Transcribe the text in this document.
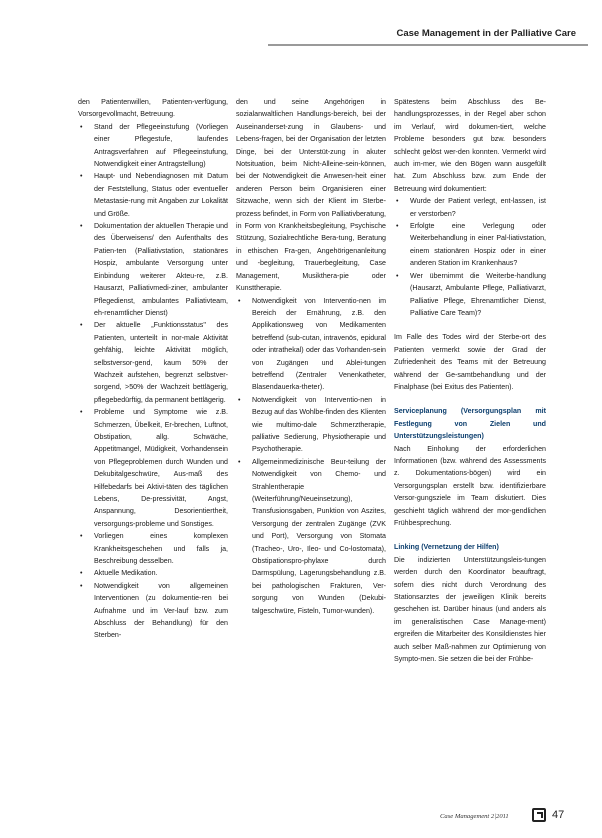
Case Management in der Palliative Care

den Patientenwillen, Patienten-verfügung, Vorsorgevollmacht, Betreuung.

• Stand der Pflegeeinstufung (Vorliegen einer Pflegestufe, laufendes Antragsverfahren auf Pflegeeinstufung, Notwendigkeit einer Antragstellung)
• Haupt- und Nebendiagnosen mit Datum der Feststellung, Status oder eventueller Metastasie-rung mit Angaben zur Lokalität und Größe.
• Dokumentation der aktuellen Therapie und des Überweisens/ den Aufenthalts des Patien-ten (Palliativstation, stationäres Hospiz, ambulante Versorgung unter Einbindung weiterer Akteu-re, z.B. Hausarzt, Palliativmedi-ziner, ambulanter Pflegedienst, ambulantes Palliativteam, eh-renamtlicher Dienst)
• Der aktuelle „Funktionsstatus" des Patienten, unterteilt in nor-male Aktivität gehfähig, leichte Aktivität möglich, selbstversor-gend, kaum 50% der Wachzeit aufstehen, begrenzt selbstver-sorgend, >50% der Wachzeit bettlägerig, pflegebedürftig, da permanent bettlägerig.
• Probleme und Symptome wie z.B. Schmerzen, Übelkeit, Er-brechen, Luftnot, Obstipation, allg. Schwäche, Appetitmangel, Müdigkeit, Vorhandensein von Pflegeproblemen durch Wunden und Dekubitalgeschwüre, Aus-maß des Hilfebedarfs bei Aktivi-täten des täglichen Lebens, De-pressivität, Angst, Anspannung, Desorientiertheit, versorgungs-probleme und Sonstiges.
• Vorliegen eines komplexen Krankheitsgeschehen und falls ja, Beschreibung desselben.
• Aktuelle Medikation.
• Notwendigkeit von allgemeinen Interventionen (zu dokumentie-ren bei Aufnahme und im Ver-lauf bzw. zum Abschluss der Behandlung) für den Sterben-

den und seine Angehörigen in sozialanwaltlichen Handlungs-bereich, bei der Auseinanderset-zung in Glaubens- und Lebens-fragen, bei der Organisation der letzten Dinge, bei der Unterstüt-zung in akuter Notsituation, beim Nicht-Alleine-sein-können, bei der Notwendigkeit die Anwesen-heit einer anderen Person beim Organisieren einer Sitzwache, wenn sich der Klient im Sterbe-prozess befindet, in Form von Palliativberatung, in Form von Krankheitsbegleitung, Psychische Stützung, Sozialrechtliche Bera-tung, Beratung in ethischen Fra-gen, Angehörigenanleitung und -begleitung, Trauerbegleitung, Case Management, Musikthera-pie oder Kunsttherapie.

• Notwendigkeit von Interventio-nen im Bereich der Ernährung, z.B. den Applikationsweg von Medikamenten betreffend (sub-cutan, intravenös, epidural oder intrathekal) oder das Vorhanden-sein von Zugängen und Ablei-tungen betreffend (Zentraler Venenkatheter, Blasendauerka-theter).
• Notwendigkeit von Interventio-nen in Bezug auf das Wohlbe-finden des Klienten wie multimo-dale Schmerztherapie, palliative Sedierung, Physiotherapie und Psychotherapie.
• Allgemeinmedizinische Beur-teilung der Notwendigkeit von Chemo- und Strahlentherapie (Weiterführung/Neueinsetzung), Transfusionsgaben, Punktion von Aszites, Versorgung der zentralen Zugänge (ZVK und Port), Versorgung von Stomata (Tracheo-, Uro-, Ileo- und Co-lostomata), Obstipationspro-phylaxe durch Darmspülung, Lagerungsbehandlung z.B. bei pathologischen Frakturen, Ver-sorgung von Wunden (Dekubi-talgeschwüre, Fisteln, Tumor-wunden).

Spätestens beim Abschluss des Be-handlungsprozesses, in der Regel aber schon im Verlauf, wird dokumen-tiert, welche Probleme besonders gut bzw. besonders schlecht gelöst wer-den konnten. Vermerkt wird auch im-mer, wie den Bögen wann ausgefüllt hat. Zum Abschluss bzw. zum Ende der Betreuung wird dokumentiert:

• Wurde der Patient verlegt, ent-lassen, ist er verstorben?
• Erfolgte eine Verlegung oder Weiterbehandlung in einer Pal-liativstation, einem stationären Hospiz oder in einer anderen Station im Krankenhaus?
• Wer übernimmt die Weiterbe-handlung (Hausarzt, Ambulante Pflege, Palliativarzt, Palliative Pflege, Ehrenamtlicher Dienst, Palliative Care Team)?

Im Falle des Todes wird der Sterbe-ort des Patienten vermerkt sowie der Grad der Zufriedenheit des Teams mit der Betreuung während der Ge-samtbehandlung und der Finalphase (bei Exitus des Patienten).

Serviceplanung (Versorgungsplan mit Festlegung von Zielen und Unterstützungsleistungen)

Nach Einholung der erforderlichen Informationen (bzw. während des Assessments z. Dokumentations-bögen) wird ein Versorgungsplan erstellt bzw. identifizierbare Versor-gungsziele im Team diskutiert. Dies geschieht täglich während der mor-gendlichen Frühbesprechung.

Linking (Vernetzung der Hilfen)

Die indizierten Unterstützungsleis-tungen werden durch den Koordinator beauftragt, sofern dies nicht durch Verordnung des Stationsarztes der jeweiligen Klinik bereits geschehen ist. Darüber hinaus (und anders als im generalistischen Case Manage-ment) ergreifen die Mitarbeiter des Konsildienstes hier auch selber Maß-nahmen zur Optimierung von Sympto-men. Sie setzen die bei der Frühbe-

Case Management 2|2011	47
